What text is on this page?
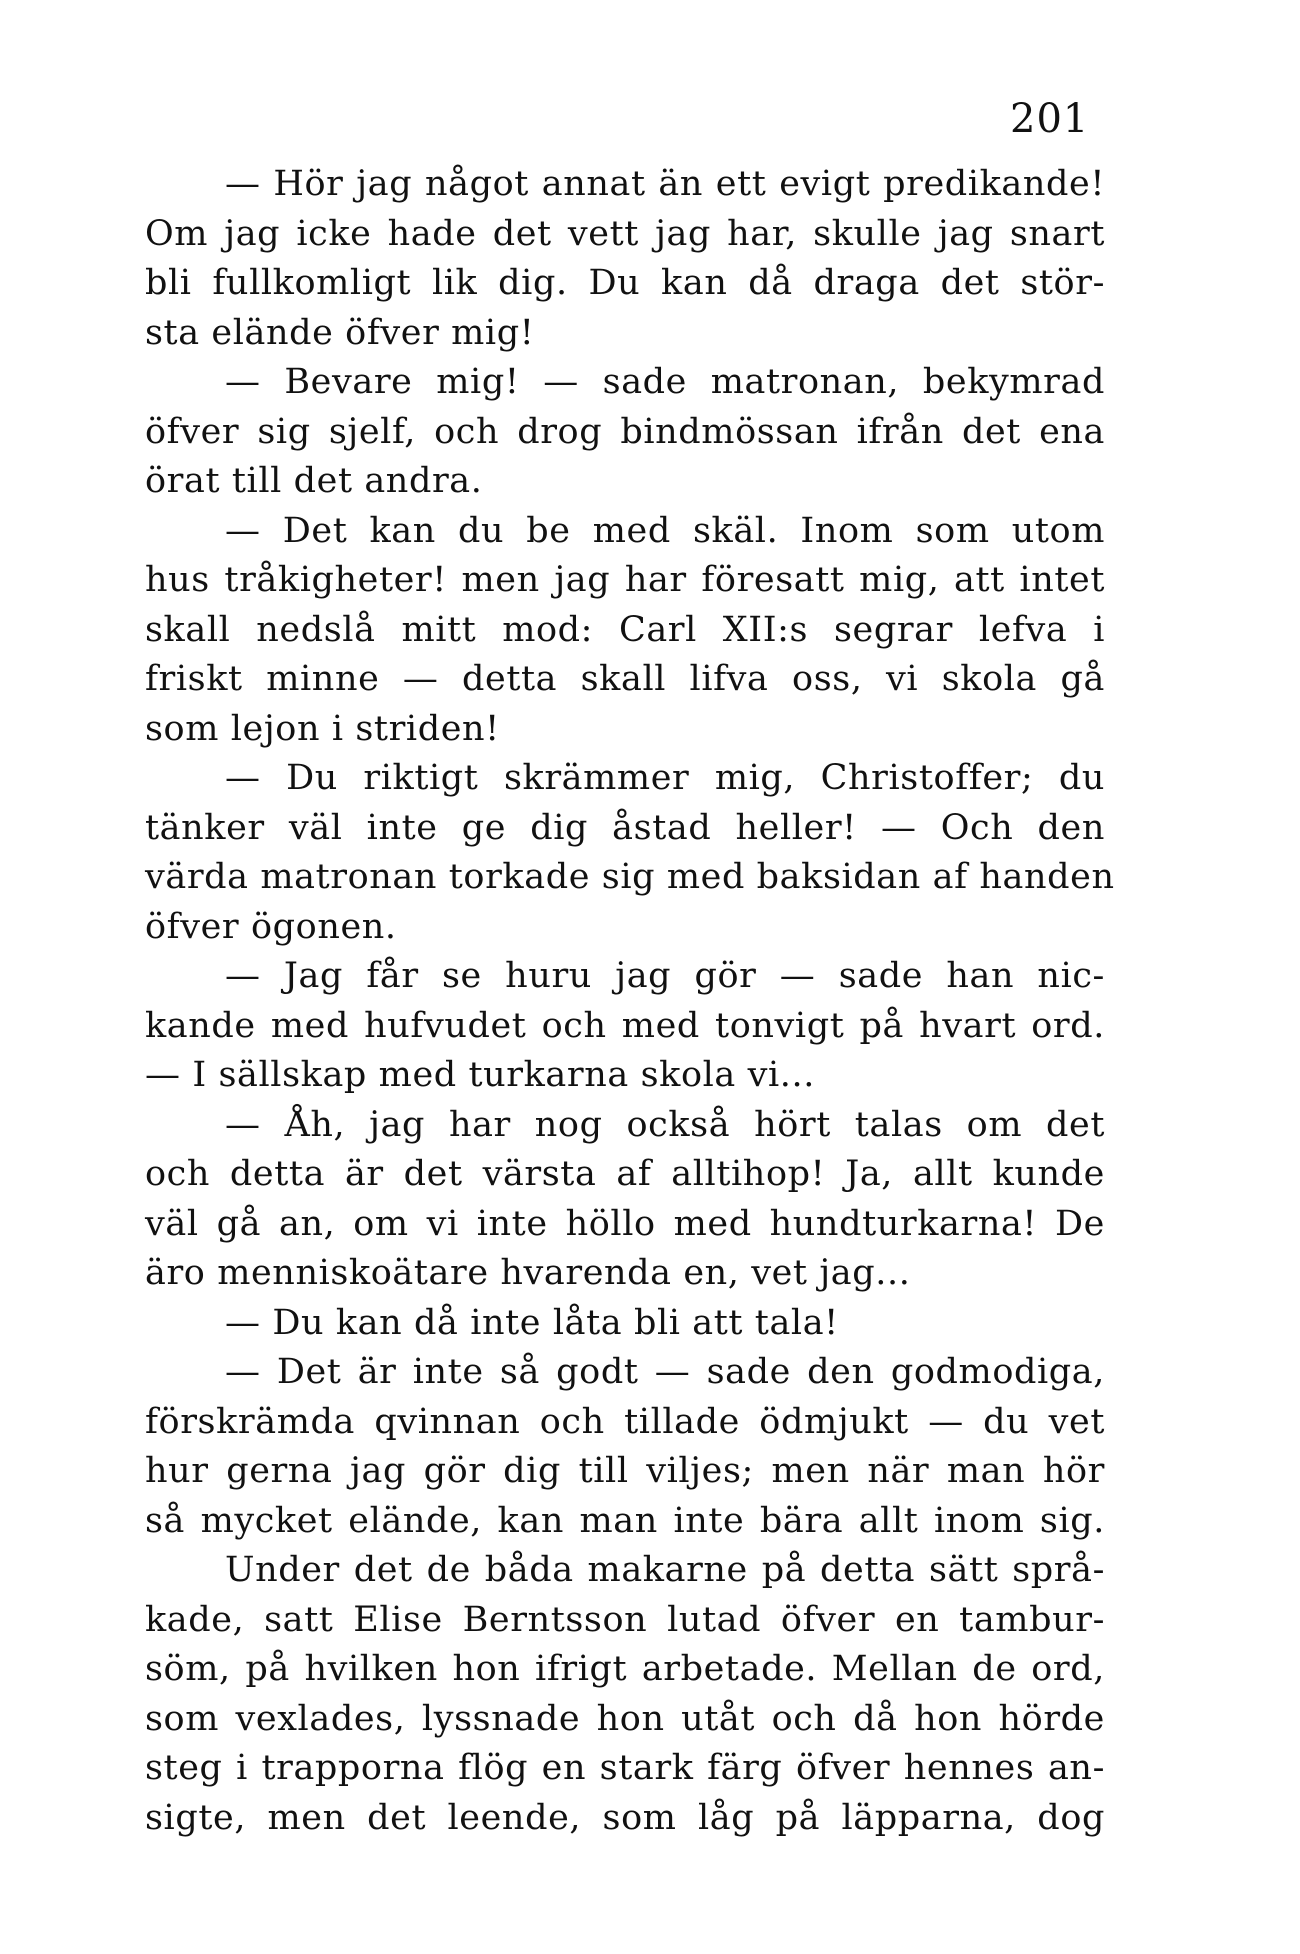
201
— Hör jag något annat än ett evigt predikande!
Om jag icke hade det vett jag har, skulle jag snart
bli fullkomligt lik dig. Du kan då draga det stör-
sta elände öfver mig!
— Bevare mig! — sade matronan, bekymrad
öfver sig sjelf, och drog bindmössan ifrån det ena
örat till det andra.
— Det kan du be med skäl. Inom som utom
hus tråkigheter! men jag har föresatt mig, att intet
skall nedslå mitt mod: Carl XII:s segrar lefva i
friskt minne — detta skall lifva oss, vi skola gå
som lejon i striden!
— Du riktigt skrämmer mig, Christoffer; du
tänker väl inte ge dig åstad heller! — Och den
värda matronan torkade sig med baksidan af handen
öfver ögonen.
— Jag får se huru jag gör — sade han nic-
kande med hufvudet och med tonvigt på hvart ord.
— I sällskap med turkarna skola vi...
— Åh, jag har nog också hört talas om det
och detta är det värsta af alltihop! Ja, allt kunde
väl gå an, om vi inte höllo med hundturkarna! De
äro menniskoätare hvarenda en, vet jag...
— Du kan då inte låta bli att tala!
— Det är inte så godt — sade den godmodiga,
förskrämda qvinnan och tillade ödmjukt — du vet
hur gerna jag gör dig till viljes; men när man hör
så mycket elände, kan man inte bära allt inom sig.
Under det de båda makarne på detta sätt språ-
kade, satt Elise Berntsson lutad öfver en tambur-
söm, på hvilken hon ifrigt arbetade. Mellan de ord,
som vexlades, lyssnade hon utåt och då hon hörde
steg i trapporna flög en stark färg öfver hennes an-
sigte, men det leende, som låg på läpparna, dog
